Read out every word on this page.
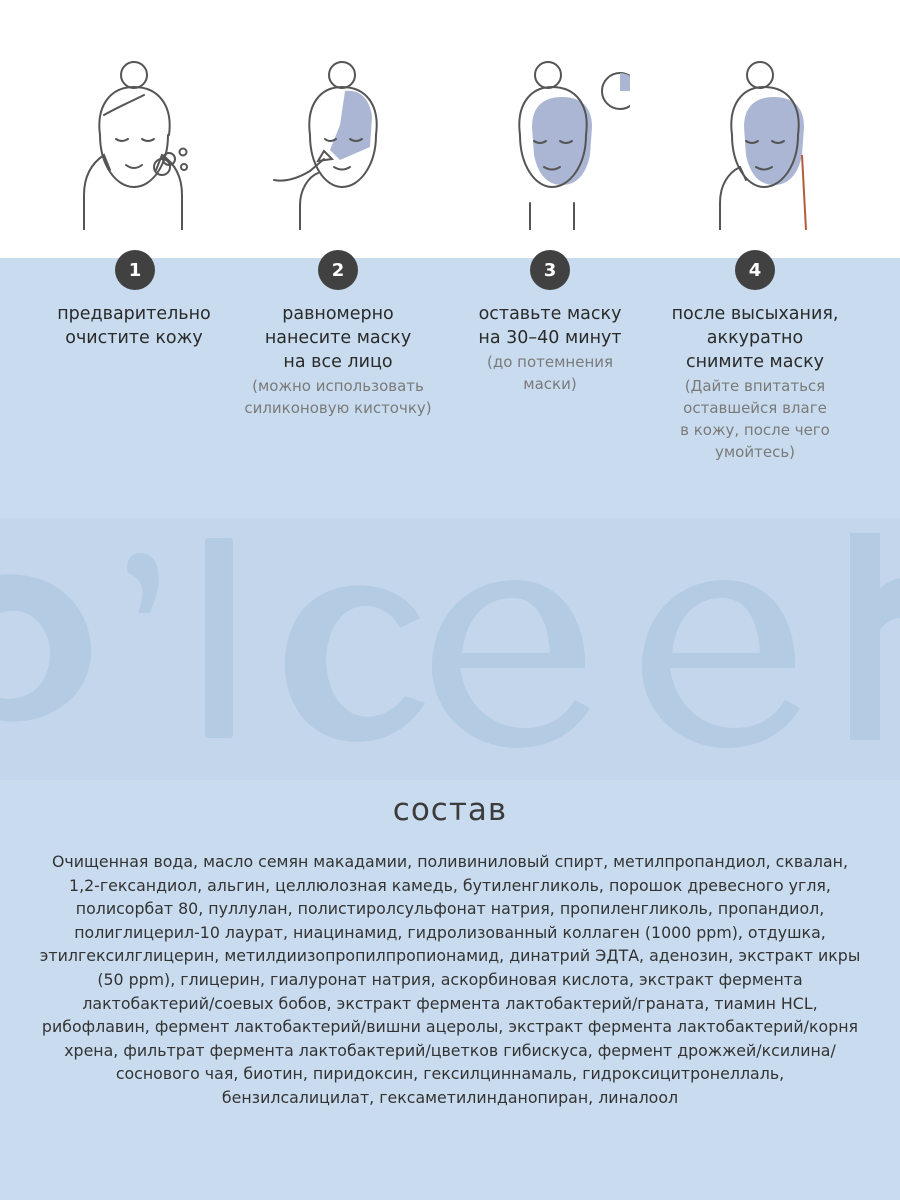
1	2	3	4
предварительно
очистите кожу
равномерно
нанесите маску
на все лицо
(можно использовать
силиконовую кисточку)
оставьте маску
на 30–40 минут
(до потемнения
маски)
после высыхания,
аккуратно
снимите маску
(Дайте впитаться
оставшейся влаге
в кожу, после чего
умойтесь)
состав
Очищенная вода, масло семян макадамии, поливиниловый спирт, метилпропандиол, сквалан, 1,2-гександиол, альгин, целлюлозная камедь, бутиленгликоль, порошок древесного угля, полисорбат 80, пуллулан, полистиролсульфонат натрия, пропиленгликоль, пропандиол, полиглицерил-10 лаурат, ниацинамид, гидролизованный коллаген (1000 ppm), отдушка, этилгексилглицерин, метилдиизопропилпропионамид, динатрий ЭДТА, аденозин, экстракт икры (50 ppm), глицерин, гиалуронат натрия, аскорбиновая кислота, экстракт фермента лактобактерий/соевых бобов, экстракт фермента лактобактерий/граната, тиамин HCL, рибофлавин, фермент лактобактерий/вишни ацеролы, экстракт фермента лактобактерий/корня хрена, фильтрат фермента лактобактерий/цветков гибискуса, фермент дрожжей/ксилина/соснового чая, биотин, пиридоксин, гексилциннамаль, гидроксицитронеллаль, бензилсалицилат, гексаметилинданопиран, линалоол
